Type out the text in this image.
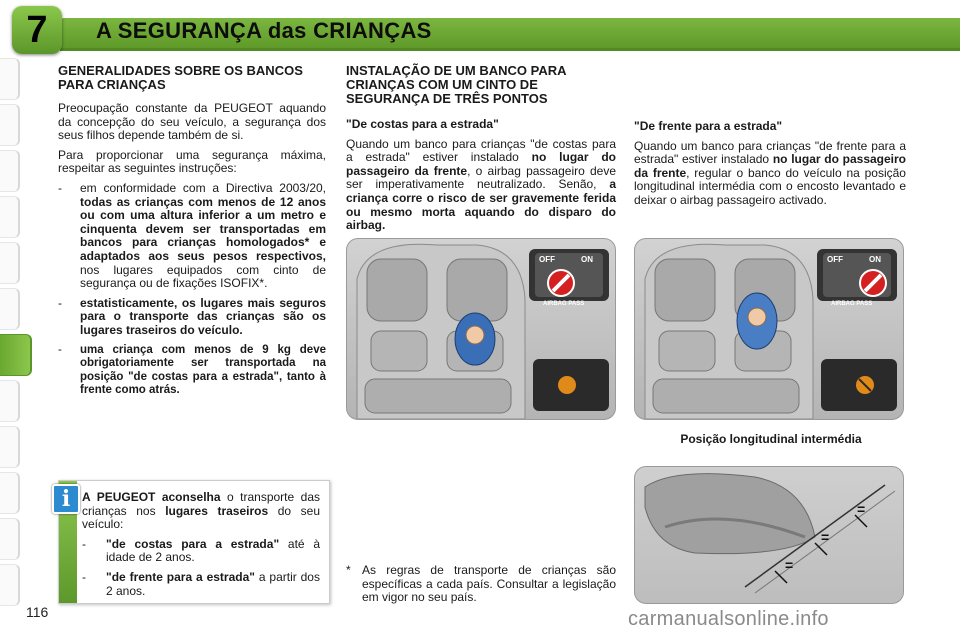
7	A SEGURANÇA das CRIANÇAS
116
GENERALIDADES SOBRE OS BANCOS PARA CRIANÇAS

Preocupação constante da PEUGEOT aquando da concepção do seu veículo, a segurança dos seus filhos depende também de si.

Para proporcionar uma segurança máxima, respeitar as seguintes instruções:

- em conformidade com a Directiva 2003/20, todas as crianças com menos de 12 anos ou com uma altura inferior a um metro e cinquenta devem ser transportadas em bancos para crianças homologados* e adaptados aos seus pesos respectivos, nos lugares equipados com cinto de segurança ou de fixações ISOFIX*.
- estatisticamente, os lugares mais seguros para o transporte das crianças são os lugares traseiros do veículo.
- uma criança com menos de 9 kg deve obrigatoriamente ser transportada na posição "de costas para a estrada", tanto à frente como atrás.
i A PEUGEOT aconselha o transporte das crianças nos lugares traseiros do seu veículo:

- "de costas para a estrada" até à idade de 2 anos.
- "de frente para a estrada" a partir dos 2 anos.
INSTALAÇÃO DE UM BANCO PARA CRIANÇAS COM UM CINTO DE SEGURANÇA DE TRÊS PONTOS
"De costas para a estrada"

Quando um banco para crianças "de costas para a estrada" estiver instalado no lugar do passageiro da frente, o airbag passageiro deve ser imperativamente neutralizado. Senão, a criança corre o risco de ser gravemente ferida ou mesmo morta aquando do disparo do airbag.

"De frente para a estrada"

Quando um banco para crianças "de frente para a estrada" estiver instalado no lugar do passageiro da frente, regular o banco do veículo na posição longitudinal intermédia com o encosto levantado e deixar o airbag passageiro activado.

OFF	ON
AIRBAG PASS
OFF	ON
AIRBAG PASS
Posição longitudinal intermédia
=
=
=
* As regras de transporte de crianças são específicas a cada país. Consultar a legislação em vigor no seu país.
carmanualsonline.info
